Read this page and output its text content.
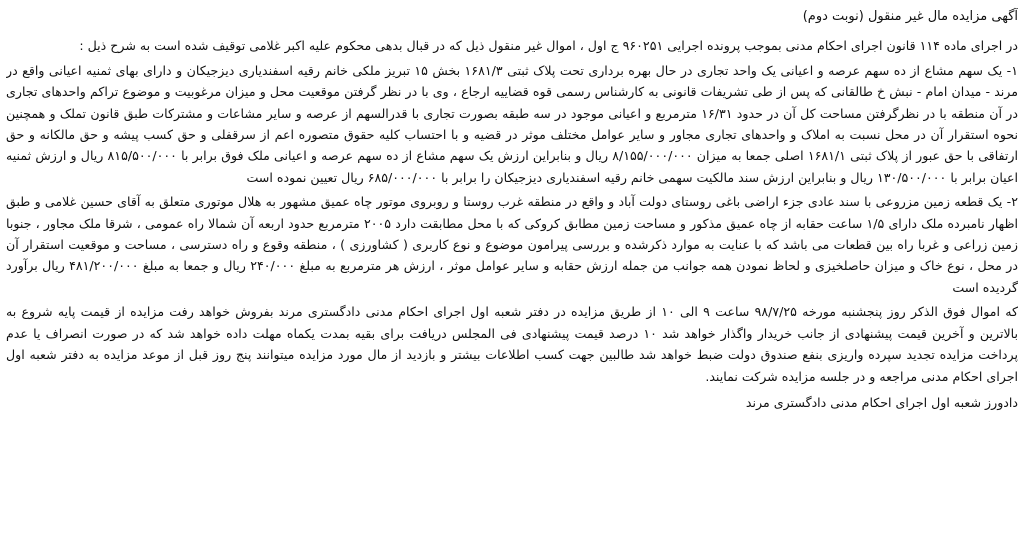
آگهی مزایده مال غیر منقول (نوبت دوم)

در اجرای ماده ۱۱۴ قانون اجرای احکام مدنی بموجب پرونده اجرایی ۹۶۰۲۵۱ ج اول ، اموال غیر منقول ذیل که در قبال بدهی محکوم علیه اکبر غلامی توقیف شده است به شرح ذیل :

۱- یک سهم مشاع از ده سهم عرصه و اعیانی یک واحد تجاری در حال بهره برداری تحت پلاک ثبتی ۱۶۸۱/۳ بخش ۱۵ تبریز ملکی خانم رقیه اسفندیاری دیزجیکان و دارای بهای ثمنیه اعیانی واقع در مرند - میدان امام - نبش خ طالقانی که پس از طی تشریفات قانونی به کارشناس رسمی قوه قضاییه ارجاع ، وی با در نظر گرفتن موقعیت محل و میزان مرغوبیت و موضوع تراکم واحدهای تجاری در آن منطقه با در نظرگرفتن مساحت کل آن در حدود ۱۶/۳۱ مترمربع و اعیانی موجود در سه طبقه بصورت تجاری با قدرالسهم از عرصه و سایر مشاعات و مشترکات طبق قانون تملک و همچنین نحوه استقرار آن در محل نسبت به املاک و واحدهای تجاری مجاور و سایر عوامل مختلف موثر در قضیه و با احتساب کلیه حقوق متصوره اعم از سرقفلی و حق کسب پیشه و حق مالکانه و حق ارتفاقی با حق عبور از پلاک ثبتی ۱۶۸۱/۱ اصلی جمعا به میزان ۸/۱۵۵/۰۰۰/۰۰۰ ریال و بنابراین ارزش یک سهم مشاع از ده سهم عرصه و اعیانی ملک فوق برابر با ۸۱۵/۵۰۰/۰۰۰ ریال و ارزش ثمنیه اعیان برابر با ۱۳۰/۵۰۰/۰۰۰ ریال و بنابراین ارزش سند مالکیت سهمی خانم رقیه اسفندیاری دیزجیکان را برابر با ۶۸۵/۰۰۰/۰۰۰ ریال تعیین نموده است

۲- یک قطعه زمین مزروعی با سند عادی جزء اراضی باغی روستای دولت آباد و واقع در منطقه غرب روستا و روبروی موتور چاه عمیق مشهور به هلال موتوری متعلق به آقای حسین غلامی و طبق اظهار نامبرده ملک دارای ۱/۵ ساعت حقابه از چاه عمیق مذکور و مساحت زمین مطابق کروکی که با محل مطابقت دارد ۲۰۰۵ مترمربع حدود اربعه آن شمالا راه عمومی ، شرقا ملک مجاور ، جنوبا زمین زراعی و غربا راه بین قطعات می باشد که با عنایت به موارد ذکرشده و بررسی پیرامون موضوع و نوع کاربری ( کشاورزی ) ، منطقه وقوع و راه دسترسی ، مساحت و موقعیت استقرار آن در محل ، نوع خاک و میزان حاصلخیزی و لحاظ نمودن همه جوانب من جمله ارزش حقابه و سایر عوامل موثر ، ارزش هر مترمربع به مبلغ ۲۴۰/۰۰۰ ریال و جمعا به مبلغ ۴۸۱/۲۰۰/۰۰۰ ریال برآورد گردیده است

که اموال فوق الذکر روز پنجشنبه مورخه ۹۸/۷/۲۵ ساعت ۹ الی ۱۰ از طریق مزایده در دفتر شعبه اول اجرای احکام مدنی دادگستری مرند بفروش خواهد رفت مزایده از قیمت پایه شروع به بالاترین و آخرین قیمت پیشنهادی از جانب خریدار واگذار خواهد شد ۱۰ درصد قیمت پیشنهادی فی المجلس دریافت برای بقیه بمدت یکماه مهلت داده خواهد شد که در صورت انصراف یا عدم پرداخت مزایده تجدید سپرده واریزی بنفع صندوق دولت ضبط خواهد شد طالبین جهت کسب اطلاعات بیشتر و بازدید از مال مورد مزایده میتوانند پنج روز قبل از موعد مزایده به دفتر شعبه اول اجرای احکام مدنی مراجعه و در جلسه مزایده شرکت نمایند.

دادورز شعبه اول اجرای احکام مدنی دادگستری مرند
